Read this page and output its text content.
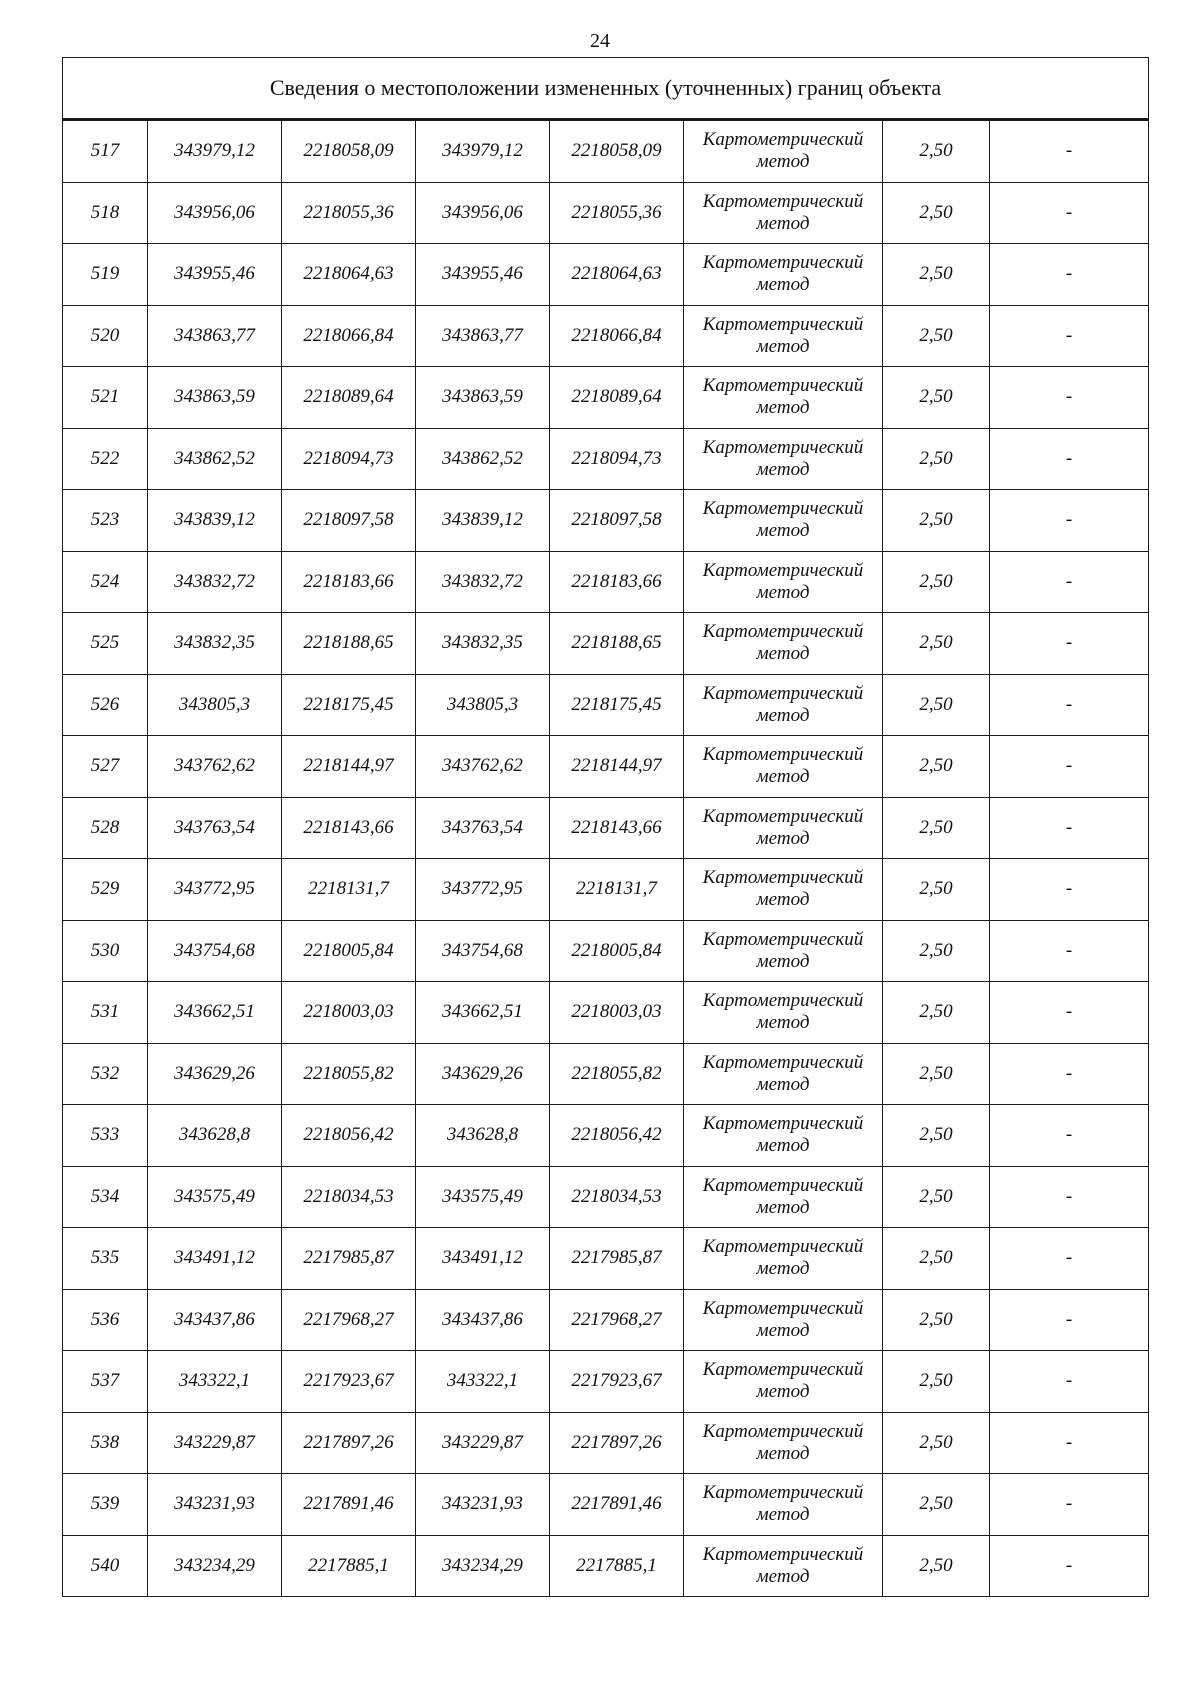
24
Сведения о местоположении измененных (уточненных) границ объекта							
517	343979,12	2218058,09	343979,12	2218058,09	Картометрический
метод	2,50	-
518	343956,06	2218055,36	343956,06	2218055,36	Картометрический
метод	2,50	-
519	343955,46	2218064,63	343955,46	2218064,63	Картометрический
метод	2,50	-
520	343863,77	2218066,84	343863,77	2218066,84	Картометрический
метод	2,50	-
521	343863,59	2218089,64	343863,59	2218089,64	Картометрический
метод	2,50	-
522	343862,52	2218094,73	343862,52	2218094,73	Картометрический
метод	2,50	-
523	343839,12	2218097,58	343839,12	2218097,58	Картометрический
метод	2,50	-
524	343832,72	2218183,66	343832,72	2218183,66	Картометрический
метод	2,50	-
525	343832,35	2218188,65	343832,35	2218188,65	Картометрический
метод	2,50	-
526	343805,3	2218175,45	343805,3	2218175,45	Картометрический
метод	2,50	-
527	343762,62	2218144,97	343762,62	2218144,97	Картометрический
метод	2,50	-
528	343763,54	2218143,66	343763,54	2218143,66	Картометрический
метод	2,50	-
529	343772,95	2218131,7	343772,95	2218131,7	Картометрический
метод	2,50	-
530	343754,68	2218005,84	343754,68	2218005,84	Картометрический
метод	2,50	-
531	343662,51	2218003,03	343662,51	2218003,03	Картометрический
метод	2,50	-
532	343629,26	2218055,82	343629,26	2218055,82	Картометрический
метод	2,50	-
533	343628,8	2218056,42	343628,8	2218056,42	Картометрический
метод	2,50	-
534	343575,49	2218034,53	343575,49	2218034,53	Картометрический
метод	2,50	-
535	343491,12	2217985,87	343491,12	2217985,87	Картометрический
метод	2,50	-
536	343437,86	2217968,27	343437,86	2217968,27	Картометрический
метод	2,50	-
537	343322,1	2217923,67	343322,1	2217923,67	Картометрический
метод	2,50	-
538	343229,87	2217897,26	343229,87	2217897,26	Картометрический
метод	2,50	-
539	343231,93	2217891,46	343231,93	2217891,46	Картометрический
метод	2,50	-
540	343234,29	2217885,1	343234,29	2217885,1	Картометрический
метод	2,50	-
